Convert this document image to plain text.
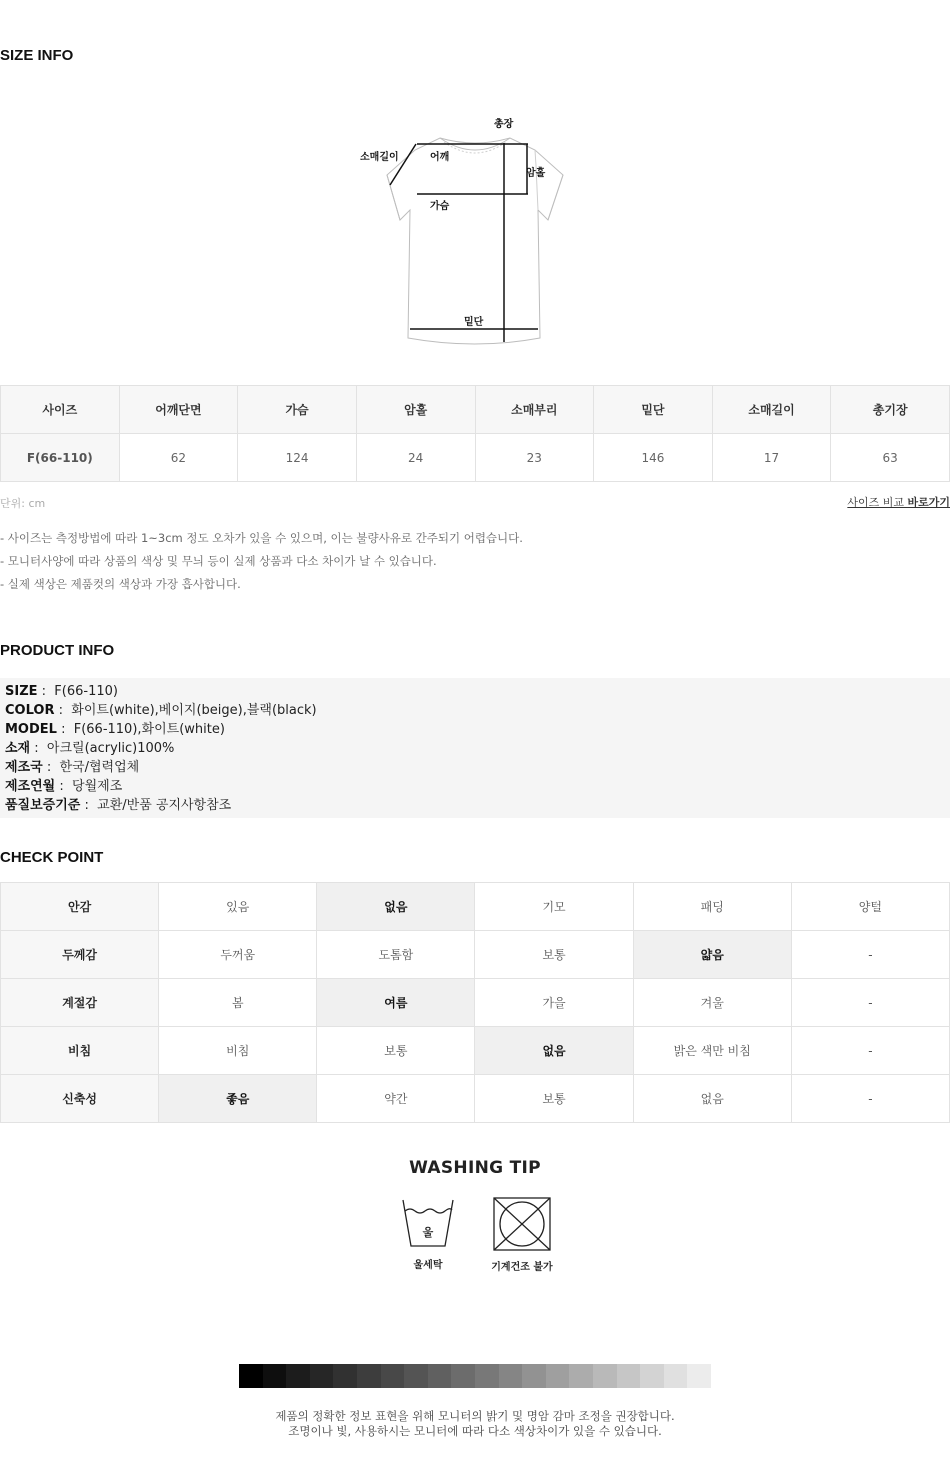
SIZE INFO
총장
소매길이	어깨
암홀
가슴
밑단
사이즈	어깨단면	가슴	암홀	소매부리	밑단	소매길이	총기장
F(66-110)	62	124	24	23	146	17	63
단위: cm	사이즈 비교 바로가기
- 사이즈는 측정방법에 따라 1~3cm 정도 오차가 있을 수 있으며, 이는 불량사유로 간주되기 어렵습니다.
- 모니터사양에 따라 상품의 색상 및 무늬 등이 실제 상품과 다소 차이가 날 수 있습니다.
- 실제 색상은 제품컷의 색상과 가장 흡사합니다.
PRODUCT INFO
SIZE :  F(66-110)
COLOR :  화이트(white),베이지(beige),블랙(black)
MODEL :  F(66-110),화이트(white)
소재 :  아크릴(acrylic)100%
제조국 :  한국/협력업체
제조연월 :  당월제조
품질보증기준 :  교환/반품 공지사항참조
CHECK POINT
안감	있음	없음	기모	패딩	양털
두께감	두꺼움	도톰함	보통	얇음	-
계절감	봄	여름	가을	겨울	-
비침	비침	보통	없음	밝은 색만 비침	-
신축성	좋음	약간	보통	없음	-
WASHING TIP
울
울세탁	기계건조 불가
제품의 정확한 정보 표현을 위해 모니터의 밝기 및 명암 감마 조정을 권장합니다.
조명이나 빛, 사용하시는 모니터에 따라 다소 색상차이가 있을 수 있습니다.
